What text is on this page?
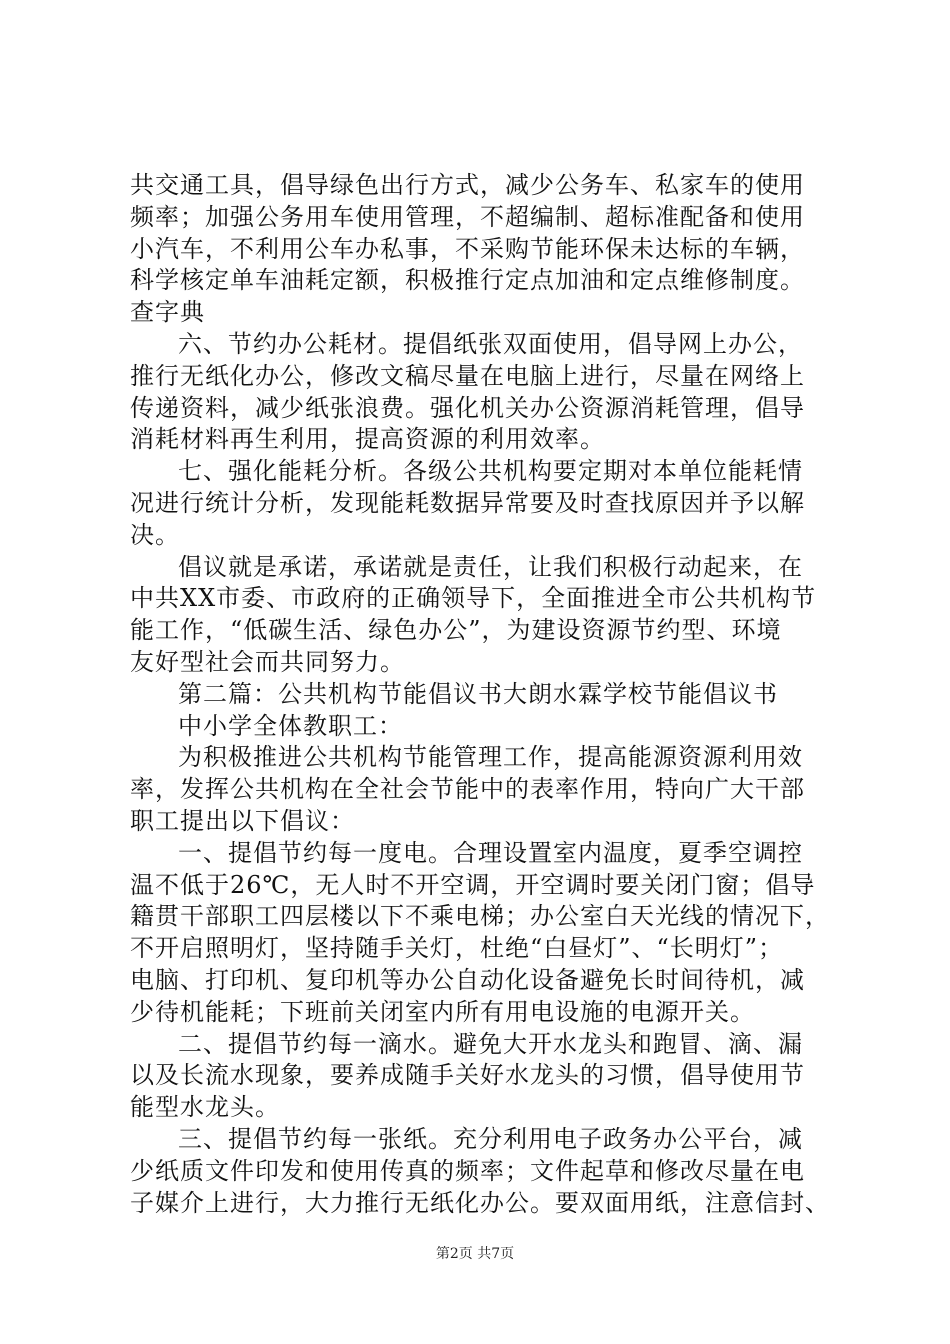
共交通工具，倡导绿色出行方式，减少公务车、私家车的使用
频率；加强公务用车使用管理，不超编制、超标准配备和使用
小汽车，不利用公车办私事，不采购节能环保未达标的车辆，
科学核定单车油耗定额，积极推行定点加油和定点维修制度。
查字典
六、节约办公耗材。提倡纸张双面使用，倡导网上办公，
推行无纸化办公，修改文稿尽量在电脑上进行，尽量在网络上
传递资料，减少纸张浪费。强化机关办公资源消耗管理，倡导
消耗材料再生利用，提高资源的利用效率。
七、强化能耗分析。各级公共机构要定期对本单位能耗情
况进行统计分析，发现能耗数据异常要及时查找原因并予以解
决。
倡议就是承诺，承诺就是责任，让我们积极行动起来，在
中共XX市委、市政府的正确领导下，全面推进全市公共机构节
能工作，“低碳生活、绿色办公”，为建设资源节约型、环境
友好型社会而共同努力。
第二篇：公共机构节能倡议书大朗水霖学校节能倡议书
中小学全体教职工：
为积极推进公共机构节能管理工作，提高能源资源利用效
率，发挥公共机构在全社会节能中的表率作用，特向广大干部
职工提出以下倡议：
一、提倡节约每一度电。合理设置室内温度，夏季空调控
温不低于26℃，无人时不开空调，开空调时要关闭门窗；倡导
籍贯干部职工四层楼以下不乘电梯；办公室白天光线的情况下，
不开启照明灯，坚持随手关灯，杜绝“白昼灯”、“长明灯”；
电脑、打印机、复印机等办公自动化设备避免长时间待机，减
少待机能耗；下班前关闭室内所有用电设施的电源开关。
二、提倡节约每一滴水。避免大开水龙头和跑冒、滴、漏
以及长流水现象，要养成随手关好水龙头的习惯，倡导使用节
能型水龙头。
三、提倡节约每一张纸。充分利用电子政务办公平台，减
少纸质文件印发和使用传真的频率；文件起草和修改尽量在电
子媒介上进行，大力推行无纸化办公。要双面用纸，注意信封、
第2页 共7页
